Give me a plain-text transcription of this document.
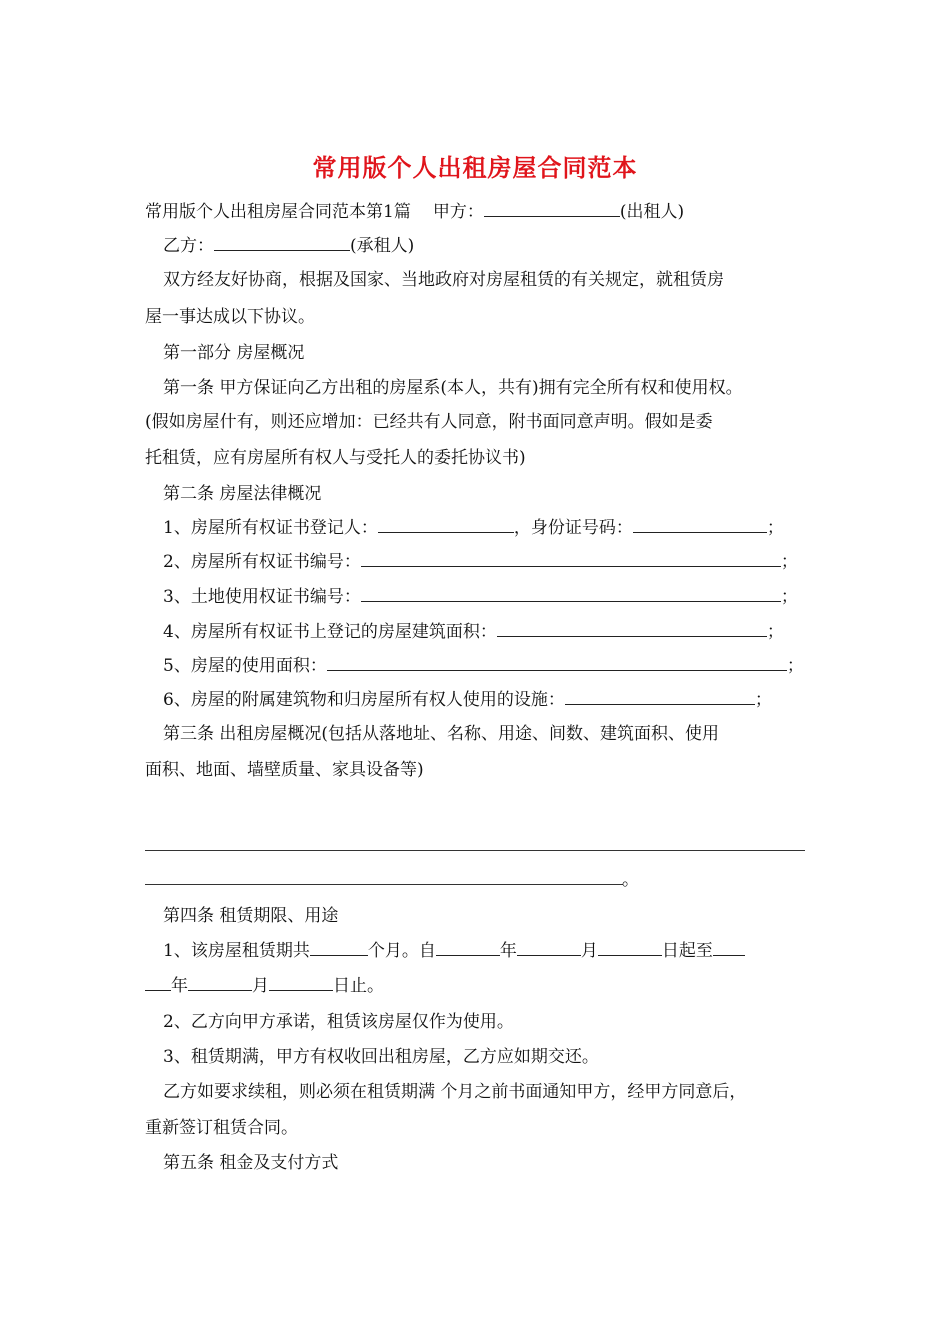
常用版个人出租房屋合同范本
常用版个人出租房屋合同范本第1篇 甲方：	(出租人)
乙方：	(承租人)
双方经友好协商，根据及国家、当地政府对房屋租赁的有关规定，就租赁房
屋一事达成以下协议。
第一部分 房屋概况
第一条 甲方保证向乙方出租的房屋系(本人，共有)拥有完全所有权和使用权。
(假如房屋什有，则还应增加：已经共有人同意，附书面同意声明。假如是委
托租赁，应有房屋所有权人与受托人的委托协议书)
第二条 房屋法律概况
1、房屋所有权证书登记人：	，身份证号码：	；
2、房屋所有权证书编号：	；
3、土地使用权证书编号：	；
4、房屋所有权证书上登记的房屋建筑面积：	；
5、房屋的使用面积：	；
6、房屋的附属建筑物和归房屋所有权人使用的设施：	；
第三条 出租房屋概况(包括从落地址、名称、用途、间数、建筑面积、使用
面积、地面、墙壁质量、家具设备等)
。
第四条 租赁期限、用途
1、该房屋租赁期共	个月。自	年	月	日起至
年	月	日止。
2、乙方向甲方承诺，租赁该房屋仅作为使用。
3、租赁期满，甲方有权收回出租房屋，乙方应如期交还。
乙方如要求续租，则必须在租赁期满 个月之前书面通知甲方，经甲方同意后，
重新签订租赁合同。
第五条 租金及支付方式
